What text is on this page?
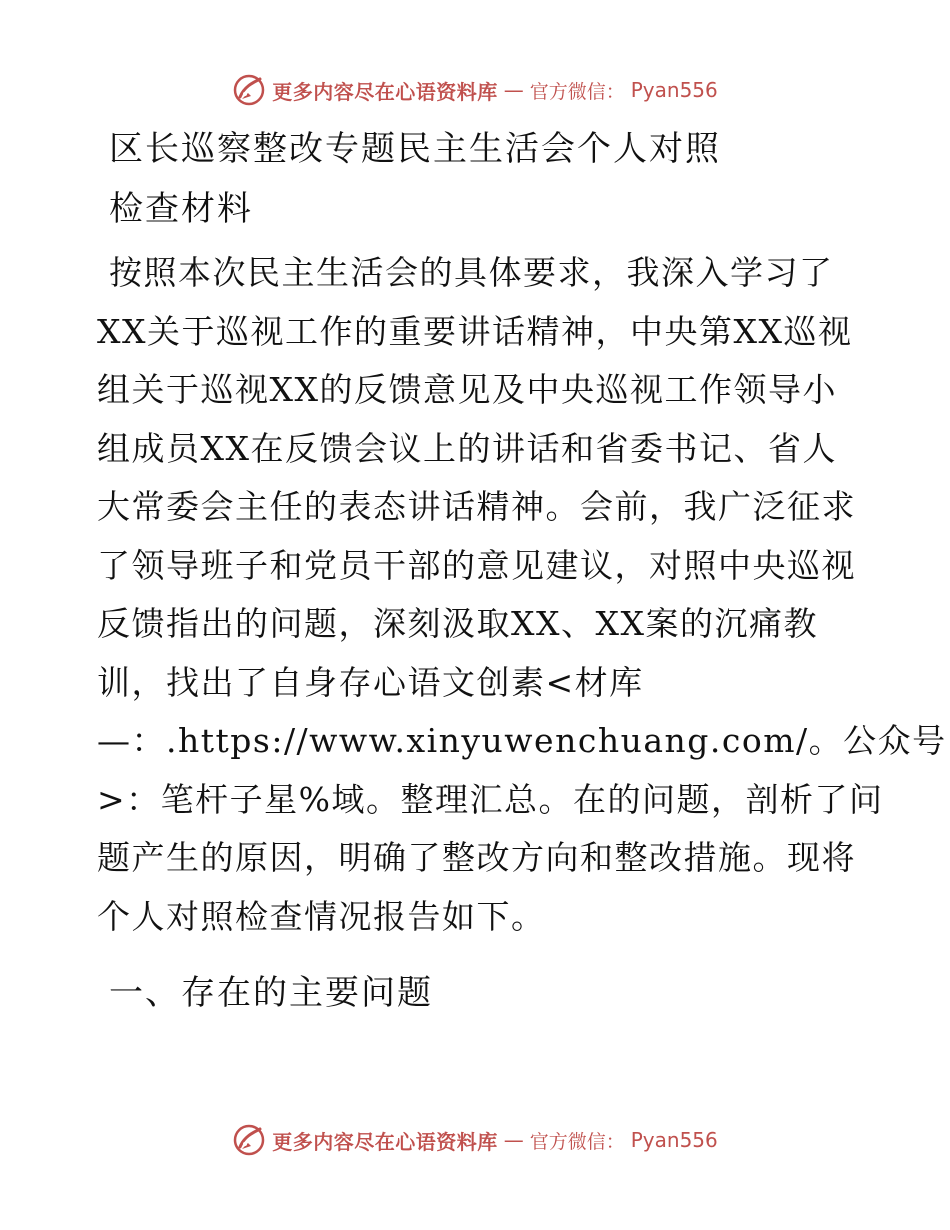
更多内容尽在心语资料库 — 官方微信： Pyan556
区长巡察整改专题民主生活会个人对照
检查材料
按照本次民主生活会的具体要求，我深入学习了
XX关于巡视工作的重要讲话精神，中央第XX巡视
组关于巡视XX的反馈意见及中央巡视工作领导小
组成员XX在反馈会议上的讲话和省委书记、省人
大常委会主任的表态讲话精神。会前，我广泛征求
了领导班子和党员干部的意见建议，对照中央巡视
反馈指出的问题，深刻汲取XX、XX案的沉痛教
训，找出了自身存心语文创素<材库
—：.https://www.xinyuwenchuang.com/。公众号
>：笔杆子星%域。整理汇总。在的问题，剖析了问
题产生的原因，明确了整改方向和整改措施。现将
个人对照检查情况报告如下。
一、存在的主要问题
更多内容尽在心语资料库 — 官方微信： Pyan556
